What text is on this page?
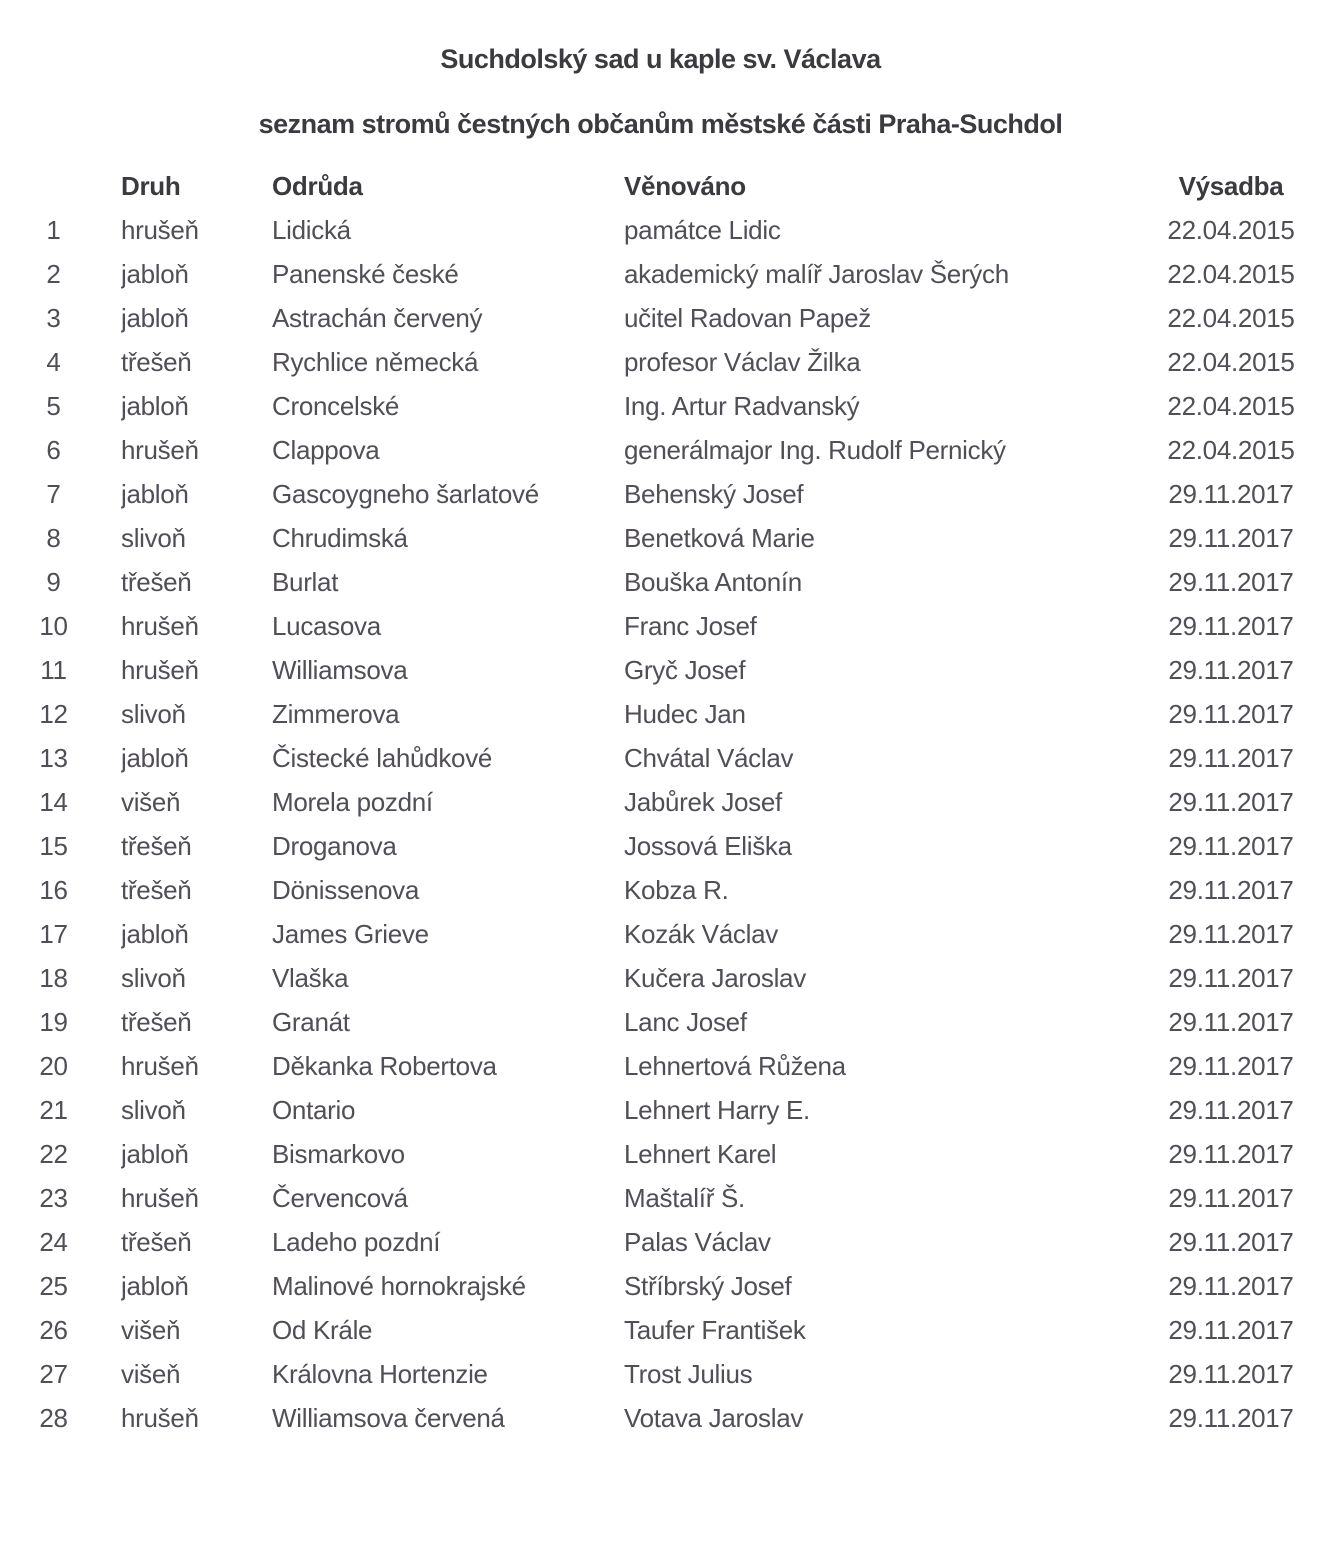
Suchdolský sad u kaple sv. Václava
seznam stromů čestných občanům městské části Praha-Suchdol
	Druh	Odrůda	Věnováno	Výsadba
1	hrušeň	Lidická	památce Lidic	22.04.2015
2	jabloň	Panenské české	akademický malíř Jaroslav Šerých	22.04.2015
3	jabloň	Astrachán červený	učitel Radovan Papež	22.04.2015
4	třešeň	Rychlice německá	profesor Václav Žilka	22.04.2015
5	jabloň	Croncelské	Ing. Artur Radvanský	22.04.2015
6	hrušeň	Clappova	generálmajor Ing. Rudolf Pernický	22.04.2015
7	jabloň	Gascoygneho šarlatové	Behenský Josef	29.11.2017
8	slivoň	Chrudimská	Benetková Marie	29.11.2017
9	třešeň	Burlat	Bouška Antonín	29.11.2017
10	hrušeň	Lucasova	Franc Josef	29.11.2017
11	hrušeň	Williamsova	Gryč Josef	29.11.2017
12	slivoň	Zimmerova	Hudec Jan	29.11.2017
13	jabloň	Čistecké lahůdkové	Chvátal Václav	29.11.2017
14	višeň	Morela pozdní	Jabůrek Josef	29.11.2017
15	třešeň	Droganova	Jossová Eliška	29.11.2017
16	třešeň	Dönissenova	Kobza R.	29.11.2017
17	jabloň	James Grieve	Kozák Václav	29.11.2017
18	slivoň	Vlaška	Kučera Jaroslav	29.11.2017
19	třešeň	Granát	Lanc Josef	29.11.2017
20	hrušeň	Děkanka Robertova	Lehnertová Růžena	29.11.2017
21	slivoň	Ontario	Lehnert Harry E.	29.11.2017
22	jabloň	Bismarkovo	Lehnert Karel	29.11.2017
23	hrušeň	Červencová	Maštalíř Š.	29.11.2017
24	třešeň	Ladeho pozdní	Palas Václav	29.11.2017
25	jabloň	Malinové hornokrajské	Stříbrský Josef	29.11.2017
26	višeň	Od Krále	Taufer František	29.11.2017
27	višeň	Královna Hortenzie	Trost Julius	29.11.2017
28	hrušeň	Williamsova červená	Votava Jaroslav	29.11.2017
